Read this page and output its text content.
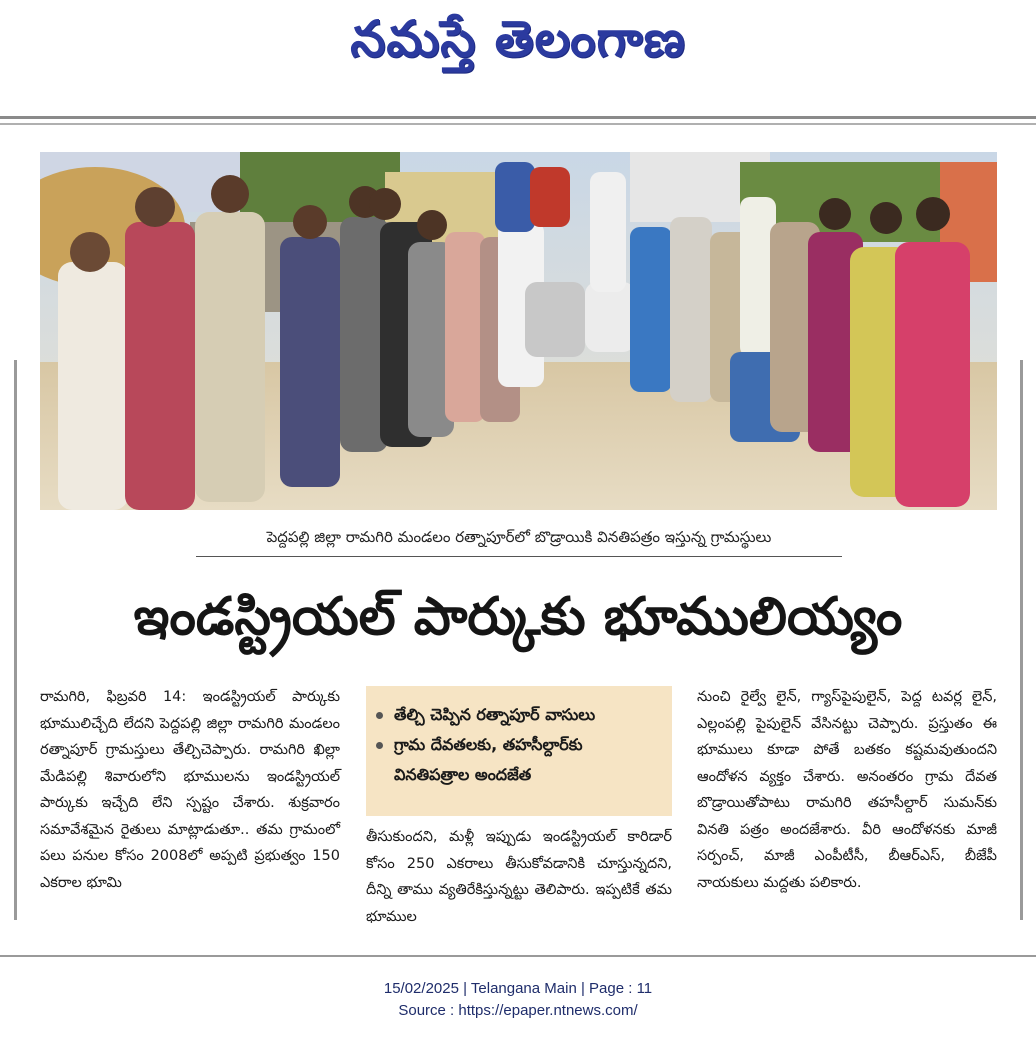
నమస్తే తెలంగాణ
పెద్దపల్లి జిల్లా రామగిరి మండలం రత్నాపూర్‌లో బొడ్రాయికి వినతిపత్రం ఇస్తున్న గ్రామస్థులు
ఇండస్ట్రియల్ పార్కుకు భూములియ్యం
రామగిరి, ఫిబ్రవరి 14: ఇండస్ట్రియల్ పార్కుకు భూములిచ్చేది లేదని పెద్దపల్లి జిల్లా రామగిరి మండలం రత్నాపూర్ గ్రామస్తులు తేల్చిచెప్పారు. రామగిరి ఖిల్లా మేడిపల్లి శివారులోని భూములను ఇండస్ట్రియల్ పార్కుకు ఇచ్చేది లేని స్పష్టం చేశారు. శుక్రవారం సమావేశమైన రైతులు మాట్లాడుతూ.. తమ గ్రామంలో పలు పనుల కోసం 2008లో అప్పటి ప్రభుత్వం 150 ఎకరాల భూమి
తేల్చి చెప్పిన రత్నాపూర్ వాసులు
గ్రామ దేవతలకు, తహసీల్దార్‌కు
వినతిపత్రాల అందజేత
తీసుకుందని, మళ్లీ ఇప్పుడు ఇండస్ట్రియల్ కారిడార్ కోసం 250 ఎకరాలు తీసుకోవడానికి చూస్తున్నదని, దీన్ని తాము వ్యతిరేకిస్తున్నట్టు తెలిపారు. ఇప్పటికే తమ భూముల
నుంచి రైల్వే లైన్, గ్యాస్‌పైపులైన్, పెద్ద టవర్ల లైన్, ఎల్లంపల్లి పైపులైన్ వేసినట్టు చెప్పారు. ప్రస్తుతం ఈ భూములు కూడా పోతే బతకం కష్టమవుతుందని ఆందోళన వ్యక్తం చేశారు. అనంతరం గ్రామ దేవత బొడ్రాయితోపాటు రామగిరి తహసీల్దార్ సుమన్‌కు వినతి పత్రం అందజేశారు. వీరి ఆందోళనకు మాజీ సర్పంచ్, మాజీ ఎంపీటీసీ, బీఆర్ఎస్, బీజేపీ నాయకులు మద్దతు పలికారు.
15/02/2025 | Telangana Main | Page : 11
Source : https://epaper.ntnews.com/
